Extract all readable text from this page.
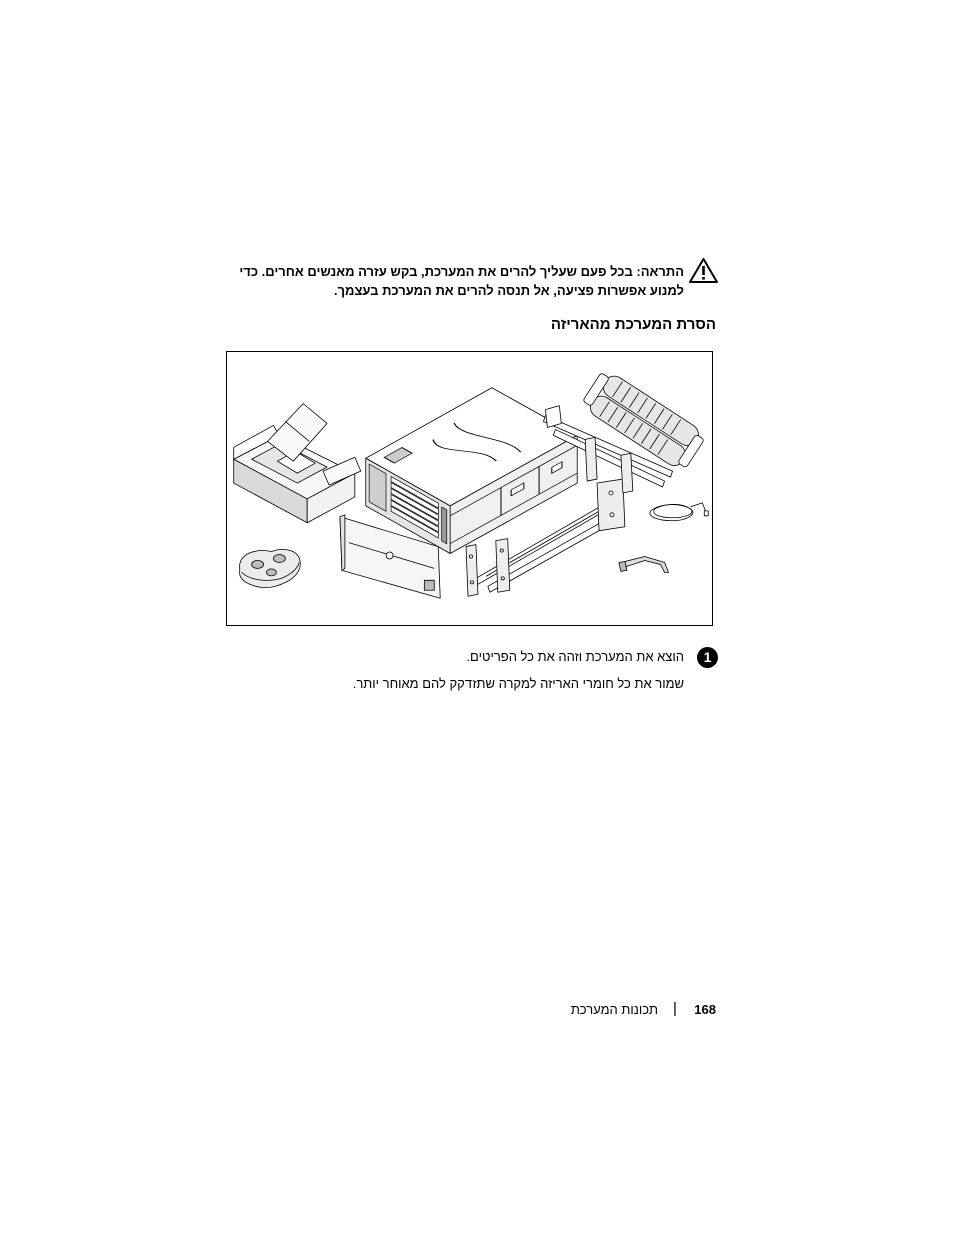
התראה: בכל פעם שעליך להרים את המערכת, בקש עזרה מאנשים אחרים. כדי
למנוע אפשרות פציעה, אל תנסה להרים את המערכת בעצמך.
הסרת המערכת מהאריזה
1
הוצא את המערכת וזהה את כל הפריטים.
שמור את כל חומרי האריזה למקרה שתזדקק להם מאוחר יותר.
168
|
תכונות המערכת
